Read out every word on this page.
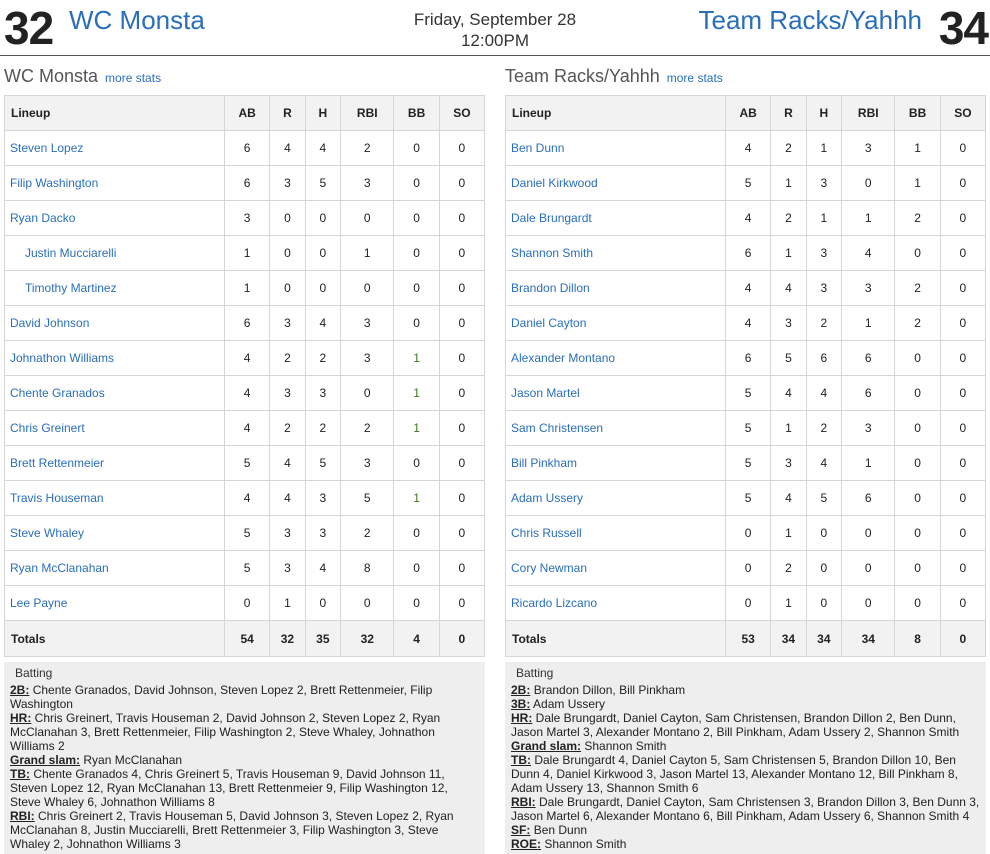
32 WC Monsta	Friday, September 28
12:00PM
Team Racks/Yahhh 34
WC Monsta more stats
Lineup	AB	R	H	RBI	BB	SO
Steven Lopez	6	4	4	2	0	0
Filip Washington	6	3	5	3	0	0
Ryan Dacko	3	0	0	0	0	0
Justin Mucciarelli	1	0	0	1	0	0
Timothy Martinez	1	0	0	0	0	0
David Johnson	6	3	4	3	0	0
Johnathon Williams	4	2	2	3	1	0
Chente Granados	4	3	3	0	1	0
Chris Greinert	4	2	2	2	1	0
Brett Rettenmeier	5	4	5	3	0	0
Travis Houseman	4	4	3	5	1	0
Steve Whaley	5	3	3	2	0	0
Ryan McClanahan	5	3	4	8	0	0
Lee Payne	0	1	0	0	0	0
Totals	54	32	35	32	4	0
Team Racks/Yahhh more stats
Lineup	AB	R	H	RBI	BB	SO
Ben Dunn	4	2	1	3	1	0
Daniel Kirkwood	5	1	3	0	1	0
Dale Brungardt	4	2	1	1	2	0
Shannon Smith	6	1	3	4	0	0
Brandon Dillon	4	4	3	3	2	0
Daniel Cayton	4	3	2	1	2	0
Alexander Montano	6	5	6	6	0	0
Jason Martel	5	4	4	6	0	0
Sam Christensen	5	1	2	3	0	0
Bill Pinkham	5	3	4	1	0	0
Adam Ussery	5	4	5	6	0	0
Chris Russell	0	1	0	0	0	0
Cory Newman	0	2	0	0	0	0
Ricardo Lizcano	0	1	0	0	0	0
Totals	53	34	34	34	8	0
Batting
2B: Chente Granados, David Johnson, Steven Lopez 2, Brett Rettenmeier, Filip Washington
HR: Chris Greinert, Travis Houseman 2, David Johnson 2, Steven Lopez 2, Ryan McClanahan 3, Brett Rettenmeier, Filip Washington 2, Steve Whaley, Johnathon Williams 2
Grand slam: Ryan McClanahan
TB: Chente Granados 4, Chris Greinert 5, Travis Houseman 9, David Johnson 11, Steven Lopez 12, Ryan McClanahan 13, Brett Rettenmeier 9, Filip Washington 12, Steve Whaley 6, Johnathon Williams 8
RBI: Chris Greinert 2, Travis Houseman 5, David Johnson 3, Steven Lopez 2, Ryan McClanahan 8, Justin Mucciarelli, Brett Rettenmeier 3, Filip Washington 3, Steve Whaley 2, Johnathon Williams 3
Batting
2B: Brandon Dillon, Bill Pinkham
3B: Adam Ussery
HR: Dale Brungardt, Daniel Cayton, Sam Christensen, Brandon Dillon 2, Ben Dunn, Jason Martel 3, Alexander Montano 2, Bill Pinkham, Adam Ussery 2, Shannon Smith
Grand slam: Shannon Smith
TB: Dale Brungardt 4, Daniel Cayton 5, Sam Christensen 5, Brandon Dillon 10, Ben Dunn 4, Daniel Kirkwood 3, Jason Martel 13, Alexander Montano 12, Bill Pinkham 8, Adam Ussery 13, Shannon Smith 6
RBI: Dale Brungardt, Daniel Cayton, Sam Christensen 3, Brandon Dillon 3, Ben Dunn 3, Jason Martel 6, Alexander Montano 6, Bill Pinkham, Adam Ussery 6, Shannon Smith 4
SF: Ben Dunn
ROE: Shannon Smith
